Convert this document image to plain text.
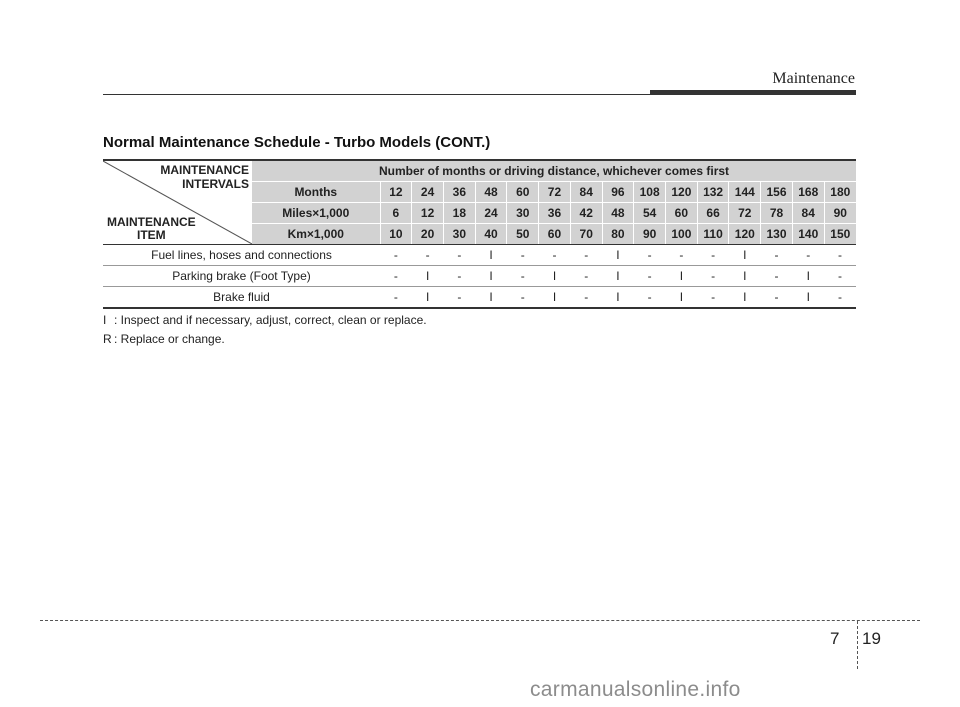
Maintenance
Normal Maintenance Schedule - Turbo Models (CONT.)
MAINTENANCE
INTERVALS
MAINTENANCE
ITEM	Number of months or driving distance, whichever comes first															
	Months	12	24	36	48	60	72	84	96	108	120	132	144	156	168	180
	Miles×1,000	6	12	18	24	30	36	42	48	54	60	66	72	78	84	90
	Km×1,000	10	20	30	40	50	60	70	80	90	100	110	120	130	140	150
Fuel lines, hoses and connections		-	-	-	I	-	-	-	I	-	-	-	I	-	-	-
Parking brake (Foot Type)		-	I	-	I	-	I	-	I	-	I	-	I	-	I	-
Brake fluid		-	I	-	I	-	I	-	I	-	I	-	I	-	I	-
I : Inspect and if necessary, adjust, correct, clean or replace.
R : Replace or change.
7 19
carmanualsonline.info
